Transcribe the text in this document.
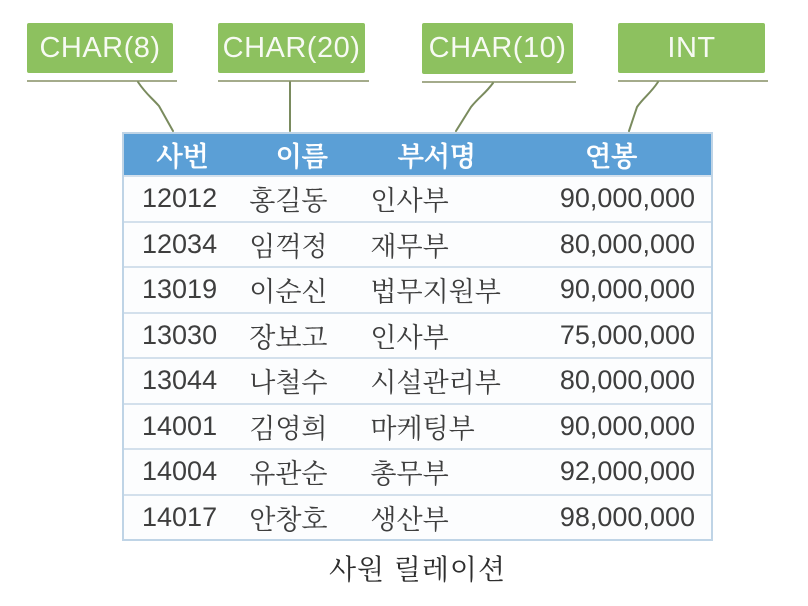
CHAR(8) CHAR(20) CHAR(10)	INT
사번	이름	부서명	연봉
12012	홍길동	인사부	90,000,000
12034	임꺽정	재무부	80,000,000
13019	이순신	법무지원부	90,000,000
13030	장보고	인사부	75,000,000
13044	나철수	시설관리부	80,000,000
14001	김영희	마케팅부	90,000,000
14004	유관순	총무부	92,000,000
14017	안창호	생산부	98,000,000
사원 릴레이션
